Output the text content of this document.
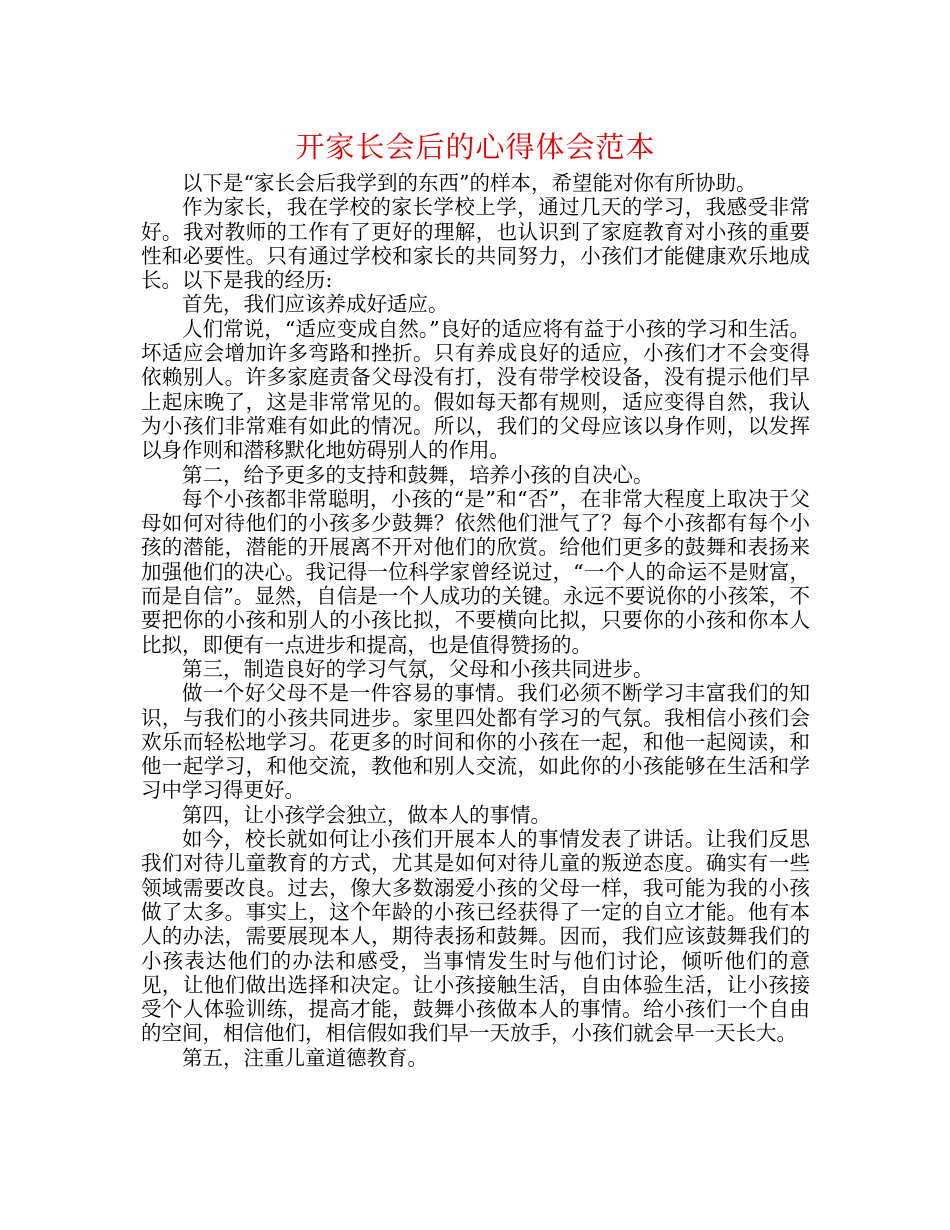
开家长会后的心得体会范本

以下是“家长会后我学到的东西”的样本，希望能对你有所协助。

作为家长，我在学校的家长学校上学，通过几天的学习，我感受非常好。我对教师的工作有了更好的理解，也认识到了家庭教育对小孩的重要性和必要性。只有通过学校和家长的共同努力，小孩们才能健康欢乐地成长。以下是我的经历:

首先，我们应该养成好适应。

人们常说，“适应变成自然。”良好的适应将有益于小孩的学习和生活。坏适应会增加许多弯路和挫折。只有养成良好的适应，小孩们才不会变得依赖别人。许多家庭责备父母没有打，没有带学校设备，没有提示他们早上起床晚了，这是非常常见的。假如每天都有规则，适应变得自然，我认为小孩们非常难有如此的情况。所以，我们的父母应该以身作则，以发挥以身作则和潜移默化地妨碍别人的作用。

第二，给予更多的支持和鼓舞，培养小孩的自决心。

每个小孩都非常聪明，小孩的“是”和“否”，在非常大程度上取决于父母如何对待他们的小孩多少鼓舞？依然他们泄气了？每个小孩都有每个小孩的潜能，潜能的开展离不开对他们的欣赏。给他们更多的鼓舞和表扬来加强他们的决心。我记得一位科学家曾经说过，“一个人的命运不是财富，而是自信”。显然，自信是一个人成功的关键。永远不要说你的小孩笨，不要把你的小孩和别人的小孩比拟，不要横向比拟，只要你的小孩和你本人比拟，即便有一点进步和提高，也是值得赞扬的。

第三，制造良好的学习气氛，父母和小孩共同进步。

做一个好父母不是一件容易的事情。我们必须不断学习丰富我们的知识，与我们的小孩共同进步。家里四处都有学习的气氛。我相信小孩们会欢乐而轻松地学习。花更多的时间和你的小孩在一起，和他一起阅读，和他一起学习，和他交流，教他和别人交流，如此你的小孩能够在生活和学习中学习得更好。

第四，让小孩学会独立，做本人的事情。

如今，校长就如何让小孩们开展本人的事情发表了讲话。让我们反思我们对待儿童教育的方式，尤其是如何对待儿童的叛逆态度。确实有一些领域需要改良。过去，像大多数溺爱小孩的父母一样，我可能为我的小孩做了太多。事实上，这个年龄的小孩已经获得了一定的自立才能。他有本人的办法，需要展现本人，期待表扬和鼓舞。因而，我们应该鼓舞我们的小孩表达他们的办法和感受，当事情发生时与他们讨论，倾听他们的意见，让他们做出选择和决定。让小孩接触生活，自由体验生活，让小孩接受个人体验训练，提高才能，鼓舞小孩做本人的事情。给小孩们一个自由的空间，相信他们，相信假如我们早一天放手，小孩们就会早一天长大。

第五，注重儿童道德教育。
